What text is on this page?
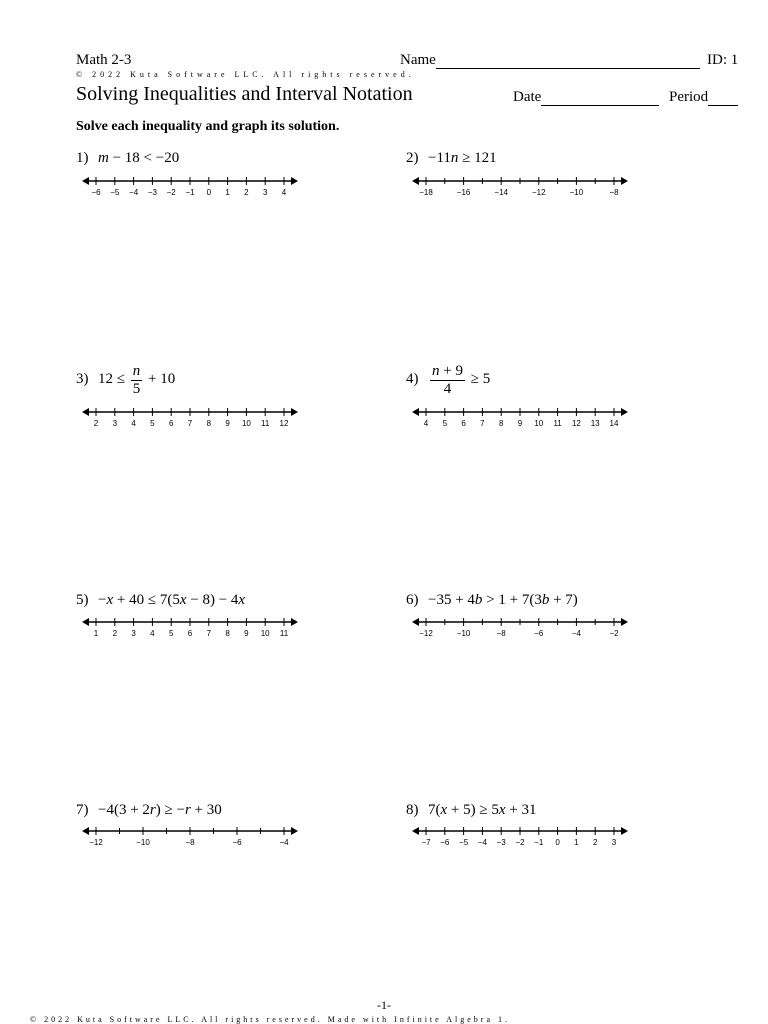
Math 2-3	Name	ID: 1
© 2022 Kuta Software LLC. All rights reserved.
Solving Inequalities and Interval Notation	Date	Period
Solve each inequality and graph its solution.
1) m − 18 < −20
−6 −5 −4 −3 −2 −1 0 1 2 3 4
2) −11n ≥ 121
−18	−16	−14	−12	−10	−8
3) $12 \le \frac{n}{5} + 10$
2 3 4 5 6 7 8 9 10 11 12
$4) \frac{n + 9}{4} \ge 5$
4 5 6 7 8 9 10 11 12 13 14
5) −x + 40 ≤ 7(5x − 8) − 4x
1 2 3 4 5 6 7 8 9 10 11
6) −35 + 4b > 1 + 7(3b + 7)
−12	−10	−8	−6	−4	−2
7) −4(3 + 2r) ≥ −r + 30
−12	−10	−8	−6	−4
8) 7(x + 5) ≥ 5x + 31
−7 −6 −5 −4 −3 −2 −1 0 1 2 3
-1-
© 2022 Kuta Software LLC. All rights reserved. Made with Infinite Algebra 1.
